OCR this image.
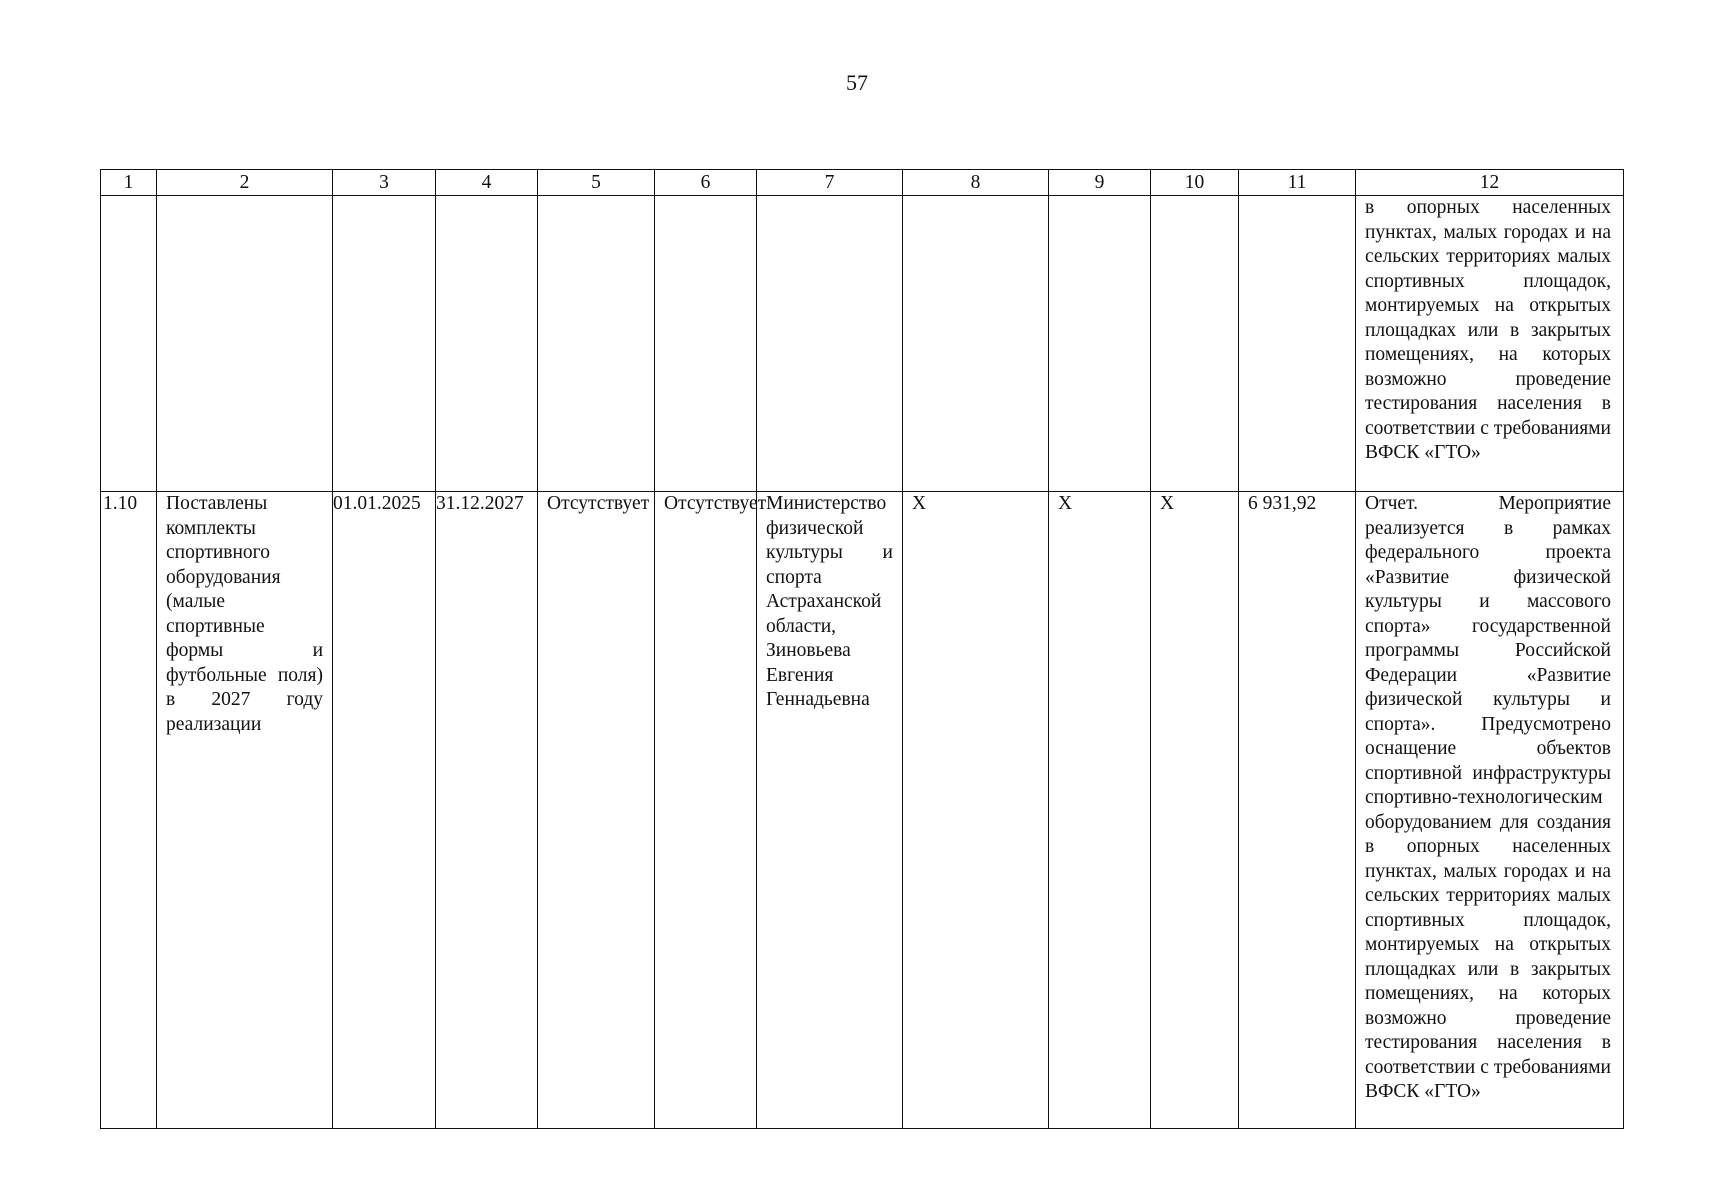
57
1	2	3	4	5	6	7	8	9	10	11	12
											в опорных населенных пунктах, малых городах и на сельских территориях малых спортивных площадок, монтируемых на открытых площадках или в закрытых помещениях, на которых возможно проведение тестирования населения в соответствии с требованиями ВФСК «ГТО»
1.10	Поставлены комплекты спортивного оборудования (малые спортивные формы и футбольные поля) в 2027 году реализации	01.01.2025	31.12.2027	Отсутствует	Отсутствует	Министерство физической культуры и спорта Астраханской области, Зиновьева Евгения Геннадьевна	X	X	X	6 931,92	Отчет. Мероприятие реализуется в рамках федерального проекта «Развитие физической культуры и массового спорта» государственной программы Российской Федерации «Развитие физической культуры и спорта». Предусмотрено оснащение объектов спортивной инфраструктуры спортивно-технологическим оборудованием для создания в опорных населенных пунктах, малых городах и на сельских территориях малых спортивных площадок, монтируемых на открытых площадках или в закрытых помещениях, на которых возможно проведение тестирования населения в соответствии с требованиями ВФСК «ГТО»
